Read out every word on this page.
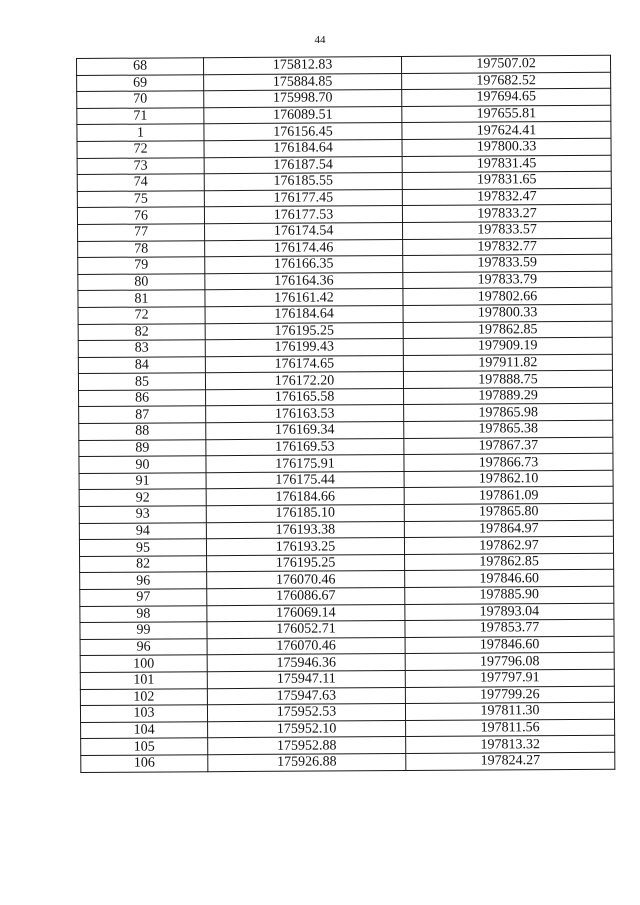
44
68	175812.83	197507.02
69	175884.85	197682.52
70	175998.70	197694.65
71	176089.51	197655.81
1	176156.45	197624.41
72	176184.64	197800.33
73	176187.54	197831.45
74	176185.55	197831.65
75	176177.45	197832.47
76	176177.53	197833.27
77	176174.54	197833.57
78	176174.46	197832.77
79	176166.35	197833.59
80	176164.36	197833.79
81	176161.42	197802.66
72	176184.64	197800.33
82	176195.25	197862.85
83	176199.43	197909.19
84	176174.65	197911.82
85	176172.20	197888.75
86	176165.58	197889.29
87	176163.53	197865.98
88	176169.34	197865.38
89	176169.53	197867.37
90	176175.91	197866.73
91	176175.44	197862.10
92	176184.66	197861.09
93	176185.10	197865.80
94	176193.38	197864.97
95	176193.25	197862.97
82	176195.25	197862.85
96	176070.46	197846.60
97	176086.67	197885.90
98	176069.14	197893.04
99	176052.71	197853.77
96	176070.46	197846.60
100	175946.36	197796.08
101	175947.11	197797.91
102	175947.63	197799.26
103	175952.53	197811.30
104	175952.10	197811.56
105	175952.88	197813.32
106	175926.88	197824.27
